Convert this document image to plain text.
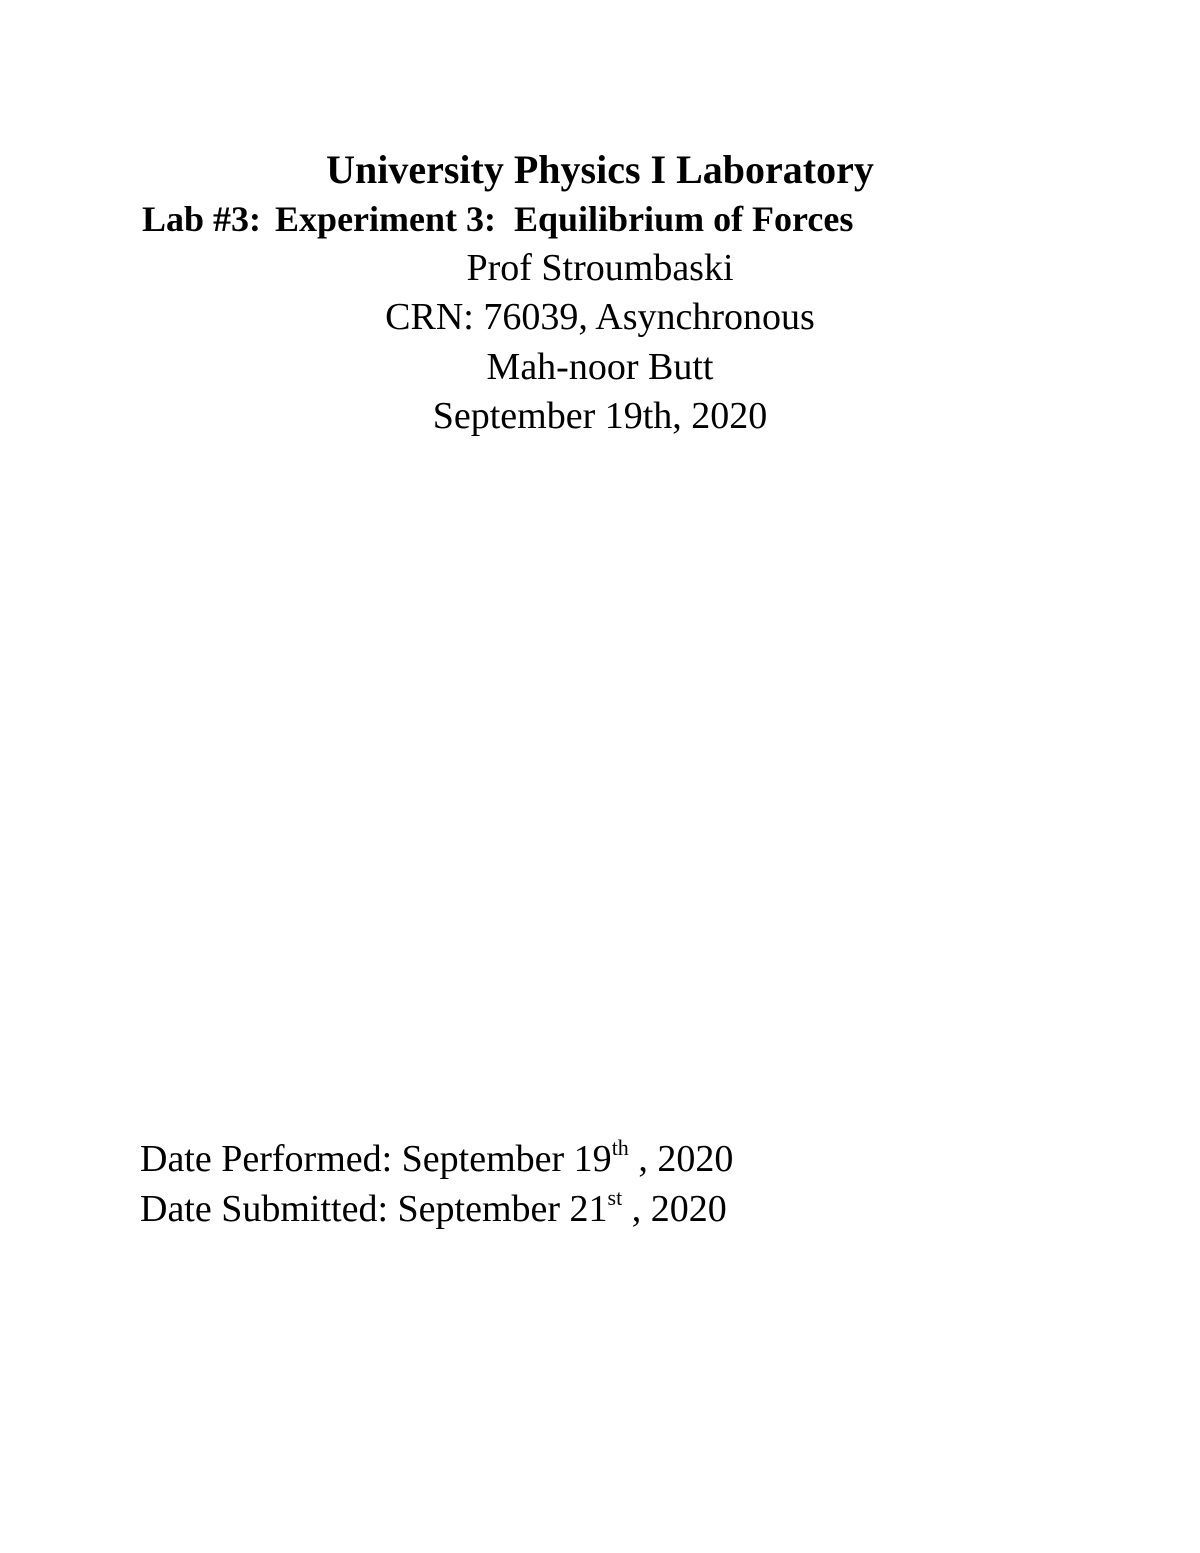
University Physics I Laboratory
Lab #3: Experiment 3: Equilibrium of Forces
Prof Stroumbaski
CRN: 76039, Asynchronous
Mah-noor Butt
September 19th, 2020
Date Performed: September 19th , 2020
Date Submitted: September 21st , 2020
